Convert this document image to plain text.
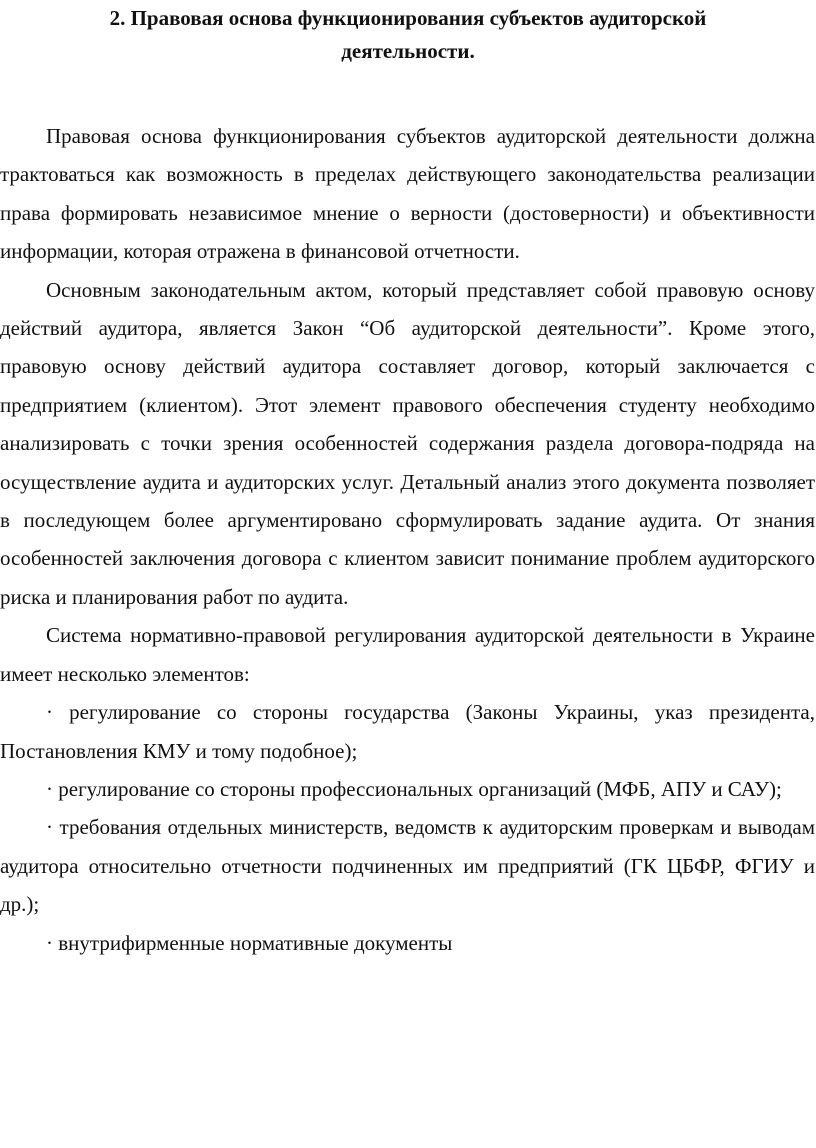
2. Правовая основа функционирования субъектов аудиторской
деятельности.

Правовая основа функционирования субъектов аудиторской деятельности должна трактоваться как возможность в пределах действующего законодательства реализации права формировать независимое мнение о верности (достоверности) и объективности информации, которая отражена в финансовой отчетности.

Основным законодательным актом, который представляет собой правовую основу действий аудитора, является Закон “Об аудиторской деятельности”. Кроме этого, правовую основу действий аудитора составляет договор, который заключается с предприятием (клиентом). Этот элемент правового обеспечения студенту необходимо анализировать с точки зрения особенностей содержания раздела договора-подряда на осуществление аудита и аудиторских услуг. Детальный анализ этого документа позволяет в последующем более аргументировано сформулировать задание аудита. От знания особенностей заключения договора с клиентом зависит понимание проблем аудиторского риска и планирования работ по аудита.

Система нормативно-правовой регулирования аудиторской деятельности в Украине имеет несколько элементов:

· регулирование со стороны государства (Законы Украины, указ президента, Постановления КМУ и тому подобное);

· регулирование со стороны профессиональных организаций (МФБ, АПУ и САУ);

· требования отдельных министерств, ведомств к аудиторским проверкам и выводам аудитора относительно отчетности подчиненных им предприятий (ГК ЦБФР, ФГИУ и др.);

· внутрифирменные нормативные документы
